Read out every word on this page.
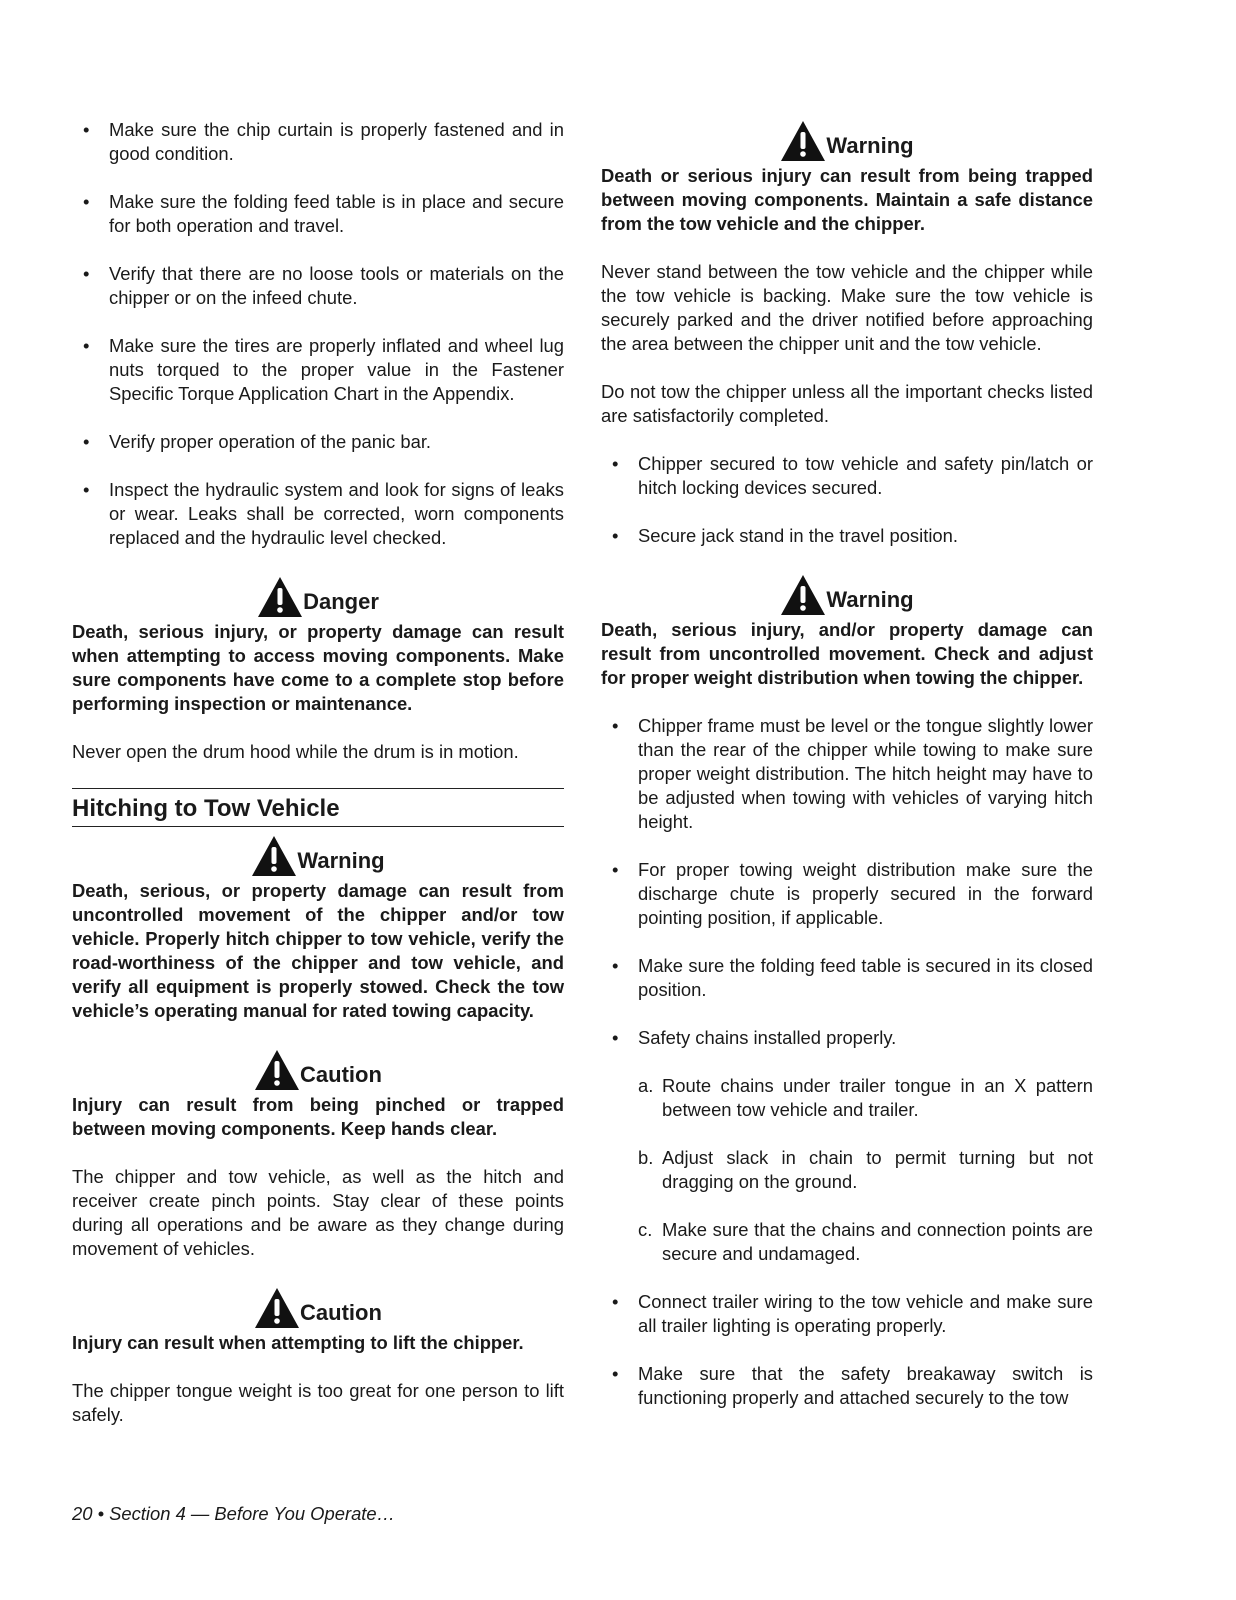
• Make sure the chip curtain is properly fastened and in good condition.
• Make sure the folding feed table is in place and secure for both operation and travel.
• Verify that there are no loose tools or materials on the chipper or on the infeed chute.
• Make sure the tires are properly inflated and wheel lug nuts torqued to the proper value in the Fastener Specific Torque Application Chart in the Appendix.
• Verify proper operation of the panic bar.
• Inspect the hydraulic system and look for signs of leaks or wear. Leaks shall be corrected, worn components replaced and the hydraulic level checked.
Danger

Death, serious injury, or property damage can result when attempting to access moving components. Make sure components have come to a complete stop before performing inspection or maintenance.

Never open the drum hood while the drum is in motion.

Hitching to Tow Vehicle
Warning

Death, serious, or property damage can result from uncontrolled movement of the chipper and/or tow vehicle. Properly hitch chipper to tow vehicle, verify the road-worthiness of the chipper and tow vehicle, and verify all equipment is properly stowed. Check the tow vehicle’s operating manual for rated towing capacity.

Caution

Injury can result from being pinched or trapped between moving components. Keep hands clear.

The chipper and tow vehicle, as well as the hitch and receiver create pinch points. Stay clear of these points during all operations and be aware as they change during movement of vehicles.

Caution

Injury can result when attempting to lift the chipper.

The chipper tongue weight is too great for one person to lift safely.

Warning

Death or serious injury can result from being trapped between moving components. Maintain a safe distance from the tow vehicle and the chipper.

Never stand between the tow vehicle and the chipper while the tow vehicle is backing. Make sure the tow vehicle is securely parked and the driver notified before approaching the area between the chipper unit and the tow vehicle.

Do not tow the chipper unless all the important checks listed are satisfactorily completed.

• Chipper secured to tow vehicle and safety pin/latch or hitch locking devices secured.
• Secure jack stand in the travel position.
Warning

Death, serious injury, and/or property damage can result from uncontrolled movement. Check and adjust for proper weight distribution when towing the chipper.

• Chipper frame must be level or the tongue slightly lower than the rear of the chipper while towing to make sure proper weight distribution. The hitch height may have to be adjusted when towing with vehicles of varying hitch height.
• For proper towing weight distribution make sure the discharge chute is properly secured in the forward pointing position, if applicable.
• Make sure the folding feed table is secured in its closed position.
• Safety chains installed properly.
a. Route chains under trailer tongue in an X pattern between tow vehicle and trailer.
b. Adjust slack in chain to permit turning but not dragging on the ground.
c. Make sure that the chains and connection points are secure and undamaged.
• Connect trailer wiring to the tow vehicle and make sure all trailer lighting is operating properly.
• Make sure that the safety breakaway switch is functioning properly and attached securely to the tow
20 • Section 4 — Before You Operate…
